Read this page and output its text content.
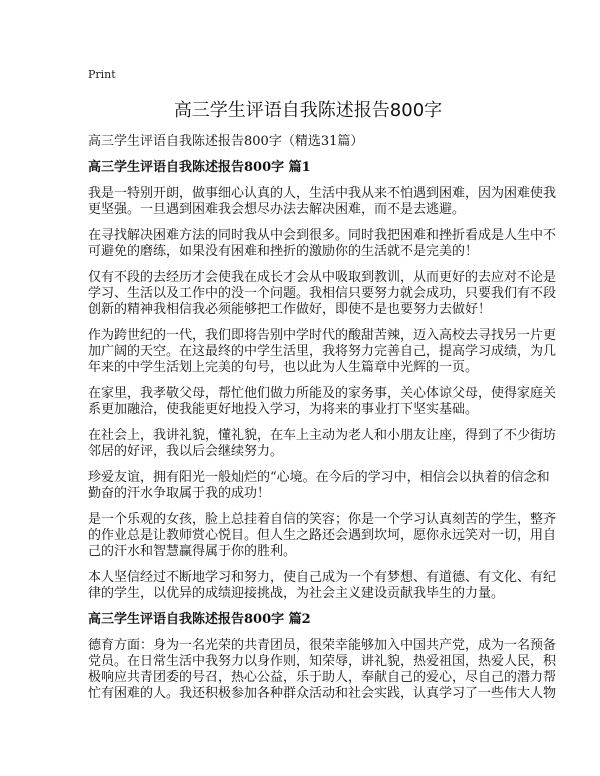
Print
高三学生评语自我陈述报告800字
高三学生评语自我陈述报告800字（精选31篇）
高三学生评语自我陈述报告800字 篇1
我是一特别开朗，做事细心认真的人，生活中我从来不怕遇到困难，因为困难使我
更坚强。一旦遇到困难我会想尽办法去解决困难，而不是去逃避。
在寻找解决困难方法的同时我从中会到很多。同时我把困难和挫折看成是人生中不
可避免的磨练，如果没有困难和挫折的激励你的生活就不是完美的！
仅有不段的去经历才会使我在成长才会从中吸取到教训，从而更好的去应对不论是
学习、生活以及工作中的没一个问题。我相信只要努力就会成功，只要我们有不段
创新的精神我相信我必须能够把工作做好，即使不是也要努力去做好！
作为跨世纪的一代，我们即将告别中学时代的酸甜苦辣，迈入高校去寻找另一片更
加广阔的天空。在这最终的中学生活里，我将努力完善自己，提高学习成绩，为几
年来的中学生活划上完美的句号，也以此为人生篇章中光辉的一页。
在家里，我孝敬父母，帮忙他们做力所能及的家务事，关心体谅父母，使得家庭关
系更加融洽，使我能更好地投入学习，为将来的事业打下坚实基础。
在社会上，我讲礼貌，懂礼貌，在车上主动为老人和小朋友让座，得到了不少街坊
邻居的好评，我以后会继续努力。
珍爱友谊，拥有阳光一般灿烂的“心境。在今后的学习中，相信会以执着的信念和
勤奋的汗水争取属于我的成功！
是一个乐观的女孩，脸上总挂着自信的笑容；你是一个学习认真刻苦的学生，整齐
的作业总是让教师赏心悦目。但人生之路还会遇到坎坷，愿你永远笑对一切，用自
己的汗水和智慧赢得属于你的胜利。
本人坚信经过不断地学习和努力，使自己成为一个有梦想、有道德、有文化、有纪
律的学生，以优异的成绩迎接挑战，为社会主义建设贡献我毕生的力量。
高三学生评语自我陈述报告800字 篇2
德育方面：身为一名光荣的共青团员，很荣幸能够加入中国共产党，成为一名预备
党员。在日常生活中我努力以身作则，知荣辱，讲礼貌，热爱祖国，热爱人民，积
极响应共青团委的号召，热心公益，乐于助人，奉献自己的爱心，尽自己的潜力帮
忙有困难的人。我还积极参加各种群众活动和社会实践，认真学习了一些伟大人物
